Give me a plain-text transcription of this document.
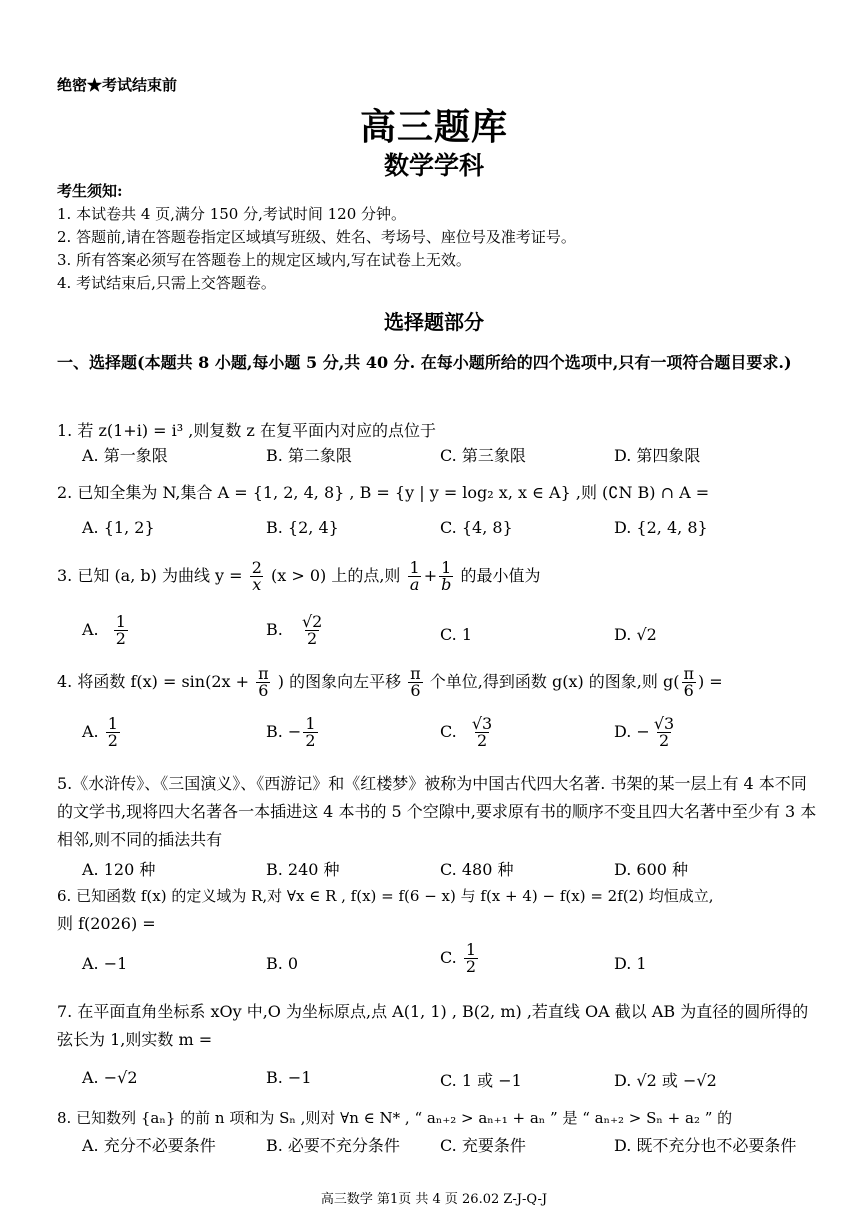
绝密★考试结束前
高三题库
数学学科
考生须知:
1. 本试卷共 4 页,满分 150 分,考试时间 120 分钟。
2. 答题前,请在答题卷指定区域填写班级、姓名、考场号、座位号及准考证号。
3. 所有答案必须写在答题卷上的规定区域内,写在试卷上无效。
4. 考试结束后,只需上交答题卷。
选择题部分
一、选择题(本题共 8 小题,每小题 5 分,共 40 分. 在每小题所给的四个选项中,只有一项符合题目要求.)
1. 若 z(1+i) = i³ ,则复数 z 在复平面内对应的点位于
A. 第一象限	B. 第二象限	C. 第三象限	D. 第四象限
2. 已知全集为 N,集合 A = {1, 2, 4, 8} , B = {y | y = log₂ x, x ∈ A} ,则 (∁N B) ∩ A =
A. {1, 2}	B. {2, 4}	C. {4, 8}	D. {2, 4, 8}
3. 已知 (a, b) 为曲线 $y = \frac{2}{x} (x > 0)$ 上的点,则 $\frac{1}{a} + \frac{1}{b}$ 的最小值为
A. $\frac{1}{2}$	B. $\frac{√2}{2}$	C. 1	D. √2
4. 将函数 $f(x) = \sin(2x + \frac{\pi}{6}$ ) 的图象向左平移 $\frac{\pi}{6}$ 个单位,得到函数 g(x) 的图象,则 $g( \frac{\pi}{6}$ ) =
A. $\frac{1}{2}$	B. − $\frac{1}{2}$	C. $\frac{√3}{2}$	D. − $\frac{√3}{2}$
5.《水浒传》、《三国演义》、《西游记》和《红楼梦》被称为中国古代四大名著. 书架的某一层上有 4 本不同的文学书,现将四大名著各一本插进这 4 本书的 5 个空隙中,要求原有书的顺序不变且四大名著中至少有 3 本相邻,则不同的插法共有
A. 120 种	B. 240 种	C. 480 种	D. 600 种
6. 已知函数 f(x) 的定义域为 R,对 ∀x ∈ R , f(x) = f(6 − x) 与 f(x + 4) − f(x) = 2f(2) 均恒成立,
则 f(2026) =
A. −1	B. 0	C. $\frac{1}{2}$	D. 1
7. 在平面直角坐标系 xOy 中,O 为坐标原点,点 A(1, 1) , B(2, m) ,若直线 OA 截以 AB 为直径的圆所得的弦长为 1,则实数 m =
A. −√2	B. −1	C. 1 或 −1	D. √2 或 −√2
8. 已知数列 {aₙ} 的前 n 项和为 Sₙ ,则对 ∀n ∈ N* , “ aₙ₊₂ > aₙ₊₁ + aₙ ” 是 “ aₙ₊₂ > Sₙ + a₂ ” 的
A. 充分不必要条件	B. 必要不充分条件	C. 充要条件	D. 既不充分也不必要条件
高三数学 第1页 共 4 页 26.02 Z-J-Q-J
